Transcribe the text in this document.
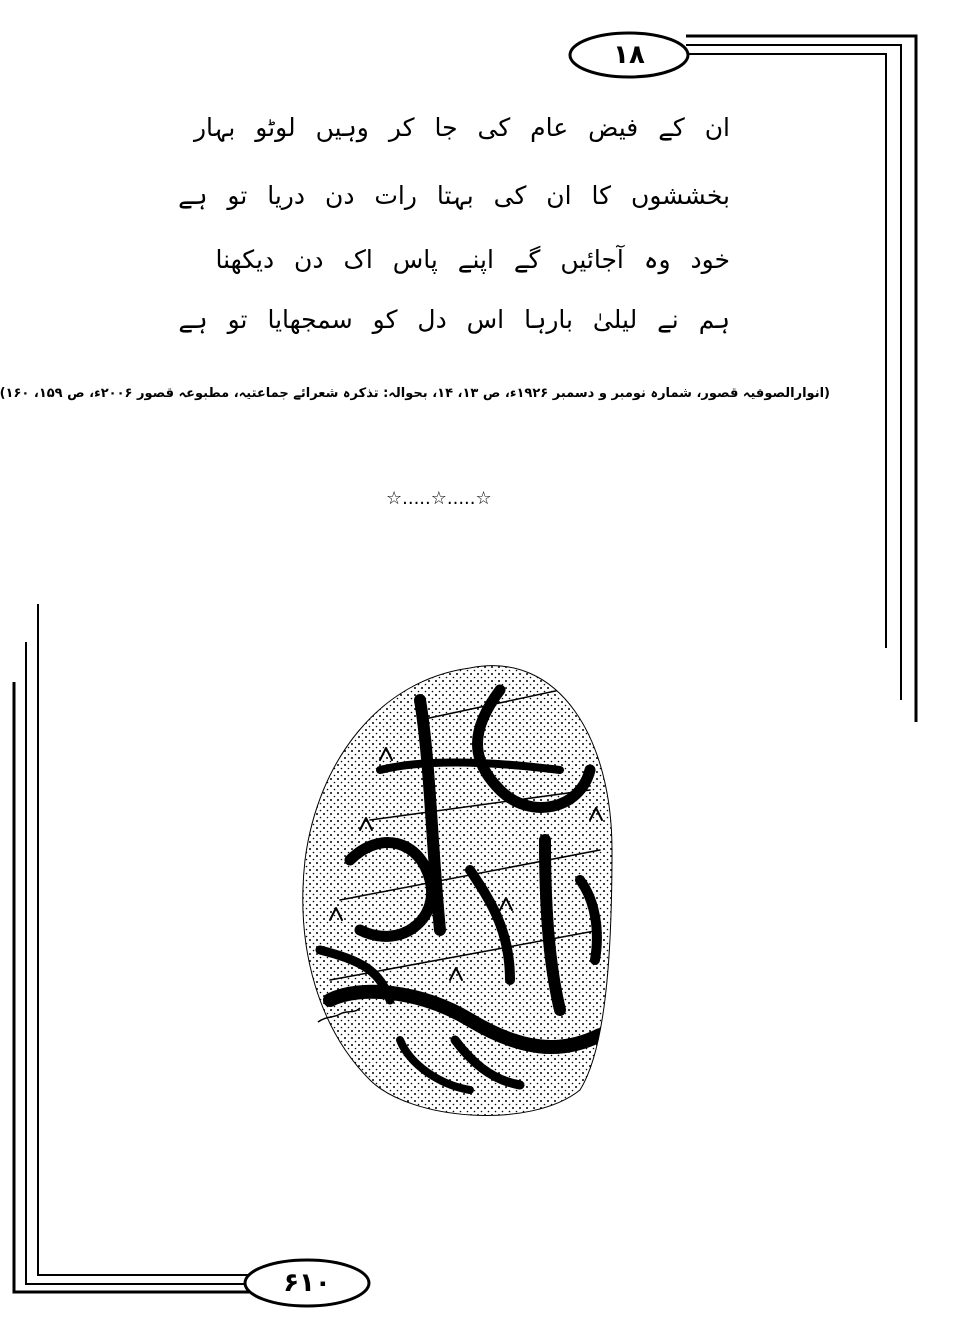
۱۸
۶۱۰
ان کے فیض عام کی جا کر وہیں لوٹو بہار
بخششوں کا ان کی بہتا رات دن دریا تو ہے
خود وہ آجائیں گے اپنے پاس اک دن دیکھنا
ہم نے لیلیٰ بارہا اس دل کو سمجھایا تو ہے
(انوارالصوفیہ قصور، شمارہ نومبر و دسمبر ۱۹۲۶ء، ص ۱۳، ۱۴، بحوالہ: تذکرہ شعرائے جماعتیہ، مطبوعہ قصور ۲۰۰۶ء، ص ۱۵۹، ۱۶۰)
☆.....☆.....☆
